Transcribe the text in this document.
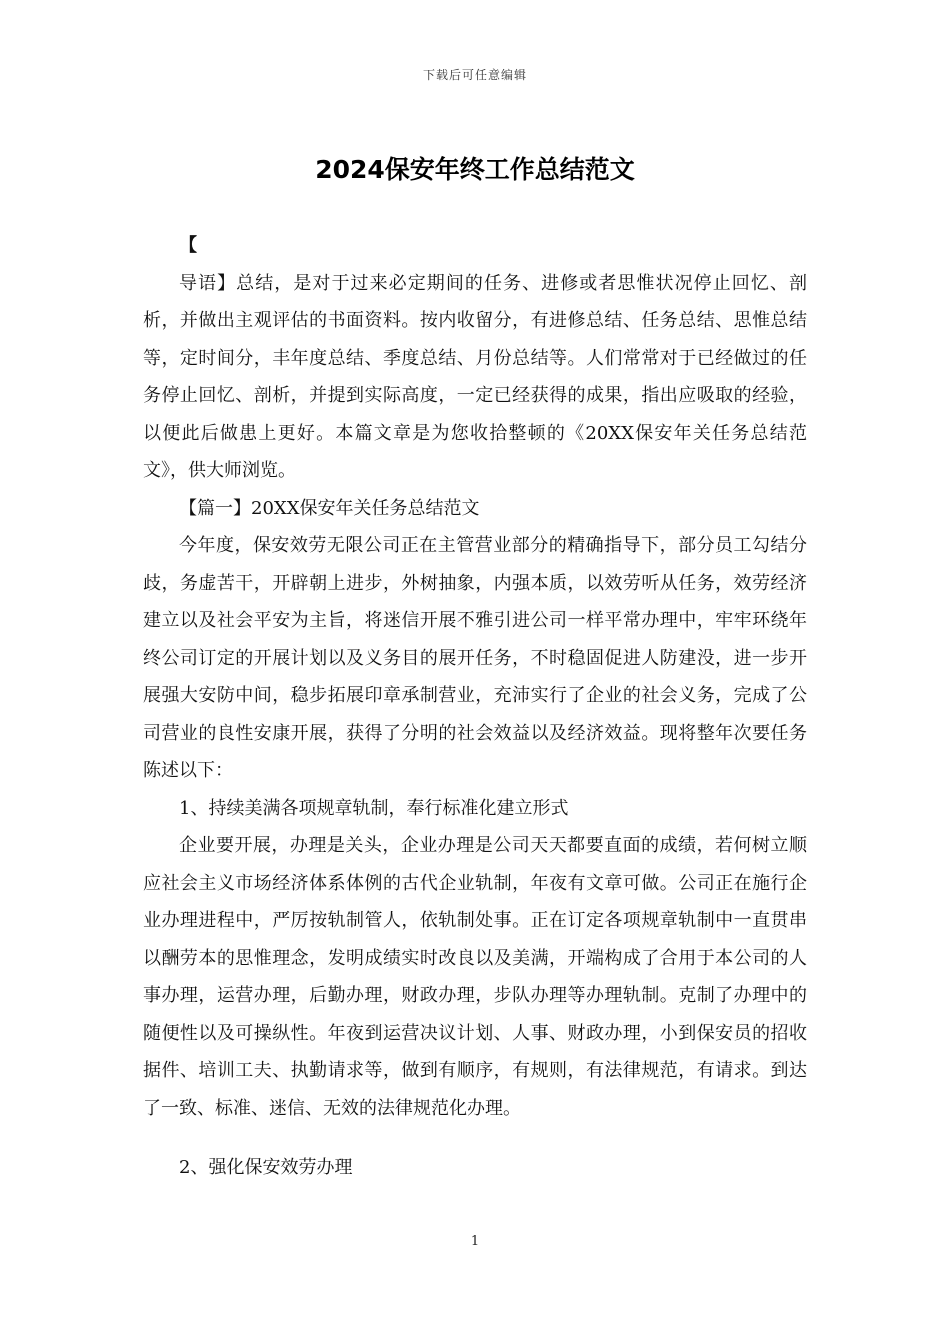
下载后可任意编辑
2024保安年终工作总结范文

【

导语】总结，是对于过来必定期间的任务、进修或者思惟状况停止回忆、剖析，并做出主观评估的书面资料。按内收留分，有进修总结、任务总结、思惟总结等，定时间分，丰年度总结、季度总结、月份总结等。人们常常对于已经做过的任务停止回忆、剖析，并提到实际高度，一定已经获得的成果，指出应吸取的经验，以便此后做患上更好。本篇文章是为您收拾整顿的《20XX保安年关任务总结范文》，供大师浏览。

【篇一】20XX保安年关任务总结范文

今年度，保安效劳无限公司正在主管营业部分的精确指导下，部分员工勾结分歧，务虚苦干，开辟朝上进步，外树抽象，内强本质，以效劳听从任务，效劳经济建立以及社会平安为主旨，将迷信开展不雅引进公司一样平常办理中，牢牢环绕年终公司订定的开展计划以及义务目的展开任务，不时稳固促进人防建没，进一步开展强大安防中间，稳步拓展印章承制营业，充沛实行了企业的社会义务，完成了公司营业的良性安康开展，获得了分明的社会效益以及经济效益。现将整年次要任务陈述以下：

1、持续美满各项规章轨制，奉行标准化建立形式

企业要开展，办理是关头，企业办理是公司天天都要直面的成绩，若何树立顺应社会主义市场经济体系体例的古代企业轨制，年夜有文章可做。公司正在施行企业办理进程中，严厉按轨制管人，依轨制处事。正在订定各项规章轨制中一直贯串以酬劳本的思惟理念，发明成绩实时改良以及美满，开端构成了合用于本公司的人事办理，运营办理，后勤办理，财政办理，步队办理等办理轨制。克制了办理中的随便性以及可操纵性。年夜到运营决议计划、人事、财政办理，小到保安员的招收据件、培训工夫、执勤请求等，做到有顺序，有规则，有法律规范，有请求。到达了一致、标准、迷信、无效的法律规范化办理。

2、强化保安效劳办理

1
